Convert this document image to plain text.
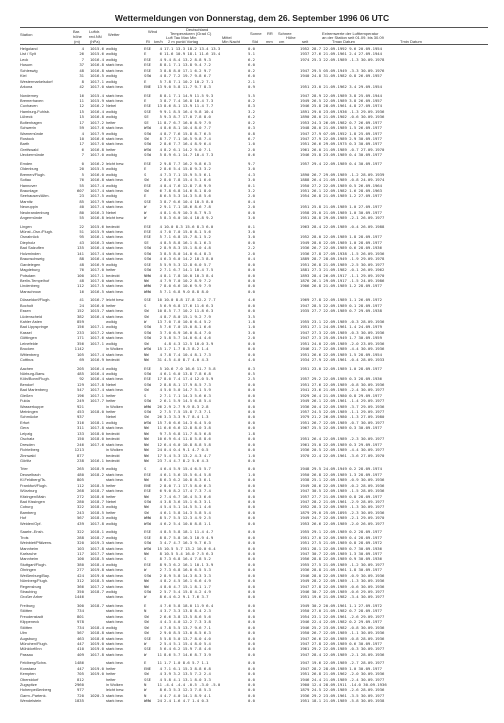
Wettermeldungen von Donnerstag, dem 26. September 1996 06 UTC
Station
Bar. Luftdr.
höhe red.NN
(m)	(hPa)
Wetter
Wind
Ri km/h
Deutschland
Temperaturen (Grad C)
Luft Tau Max Min
2 m punkt Vortag
Mittel
Min Nacht
Sonne RR Schnee
Std mm cm
Höhe
Extremwerte der Lufttemperatur
an der Station seit 01.09. bis 30.09
seit	Tmax Datum	Tmin Datum
Helgoland	4	1015.6 wolkig	ESE	4 17.1 13.3 18.2 13.4 13.3	0.0	1952 28.7 22.09.1992 9.6 20.09.1954
List / Sylt	26	1015.6 wolkig	E	6 11.6 10.9 18.1 11.6 15.4	5.1	1937 27.6 21.09.1961 2.4 27.09.1944
Leck	7	1016.4 wolkig	ESE	4 9.4 8.4 13.2 8.8 9.3	6.2	1974 25.3 22.09.1989 -1.3 30.09.1978
Husum	37	1016.8 stark bew.	ESE	8 8.1 7.1 13.8 9.4 7.2	6.0
Schleswig	48	1016.8 stark bew.	ESE	3 8.8 8.0 17.1 6.2 9.7	0.2	1947 29.5 05.09.1949 -3.3 30.09.1976
Kiel	31	1016.5 wolkig	SSW	4 8.7 7.2 19.7 9.8 6.7	6.0	1940 24.8 31.09.1982 0.8 26.09.1957
Westermarkelsdorf	8	1017.1 wolkig	E	5 7.8 7.1 10.2 10.2 7.1	2.1
Arkona	42	1017.0 stark bew.	ENE	13 9.0 5.8 11.7 9.7 8.3	0.9	1951 23.0 21.09.1962 3.4 29.09.1954
Norderney	16	1015.4 stark bew.	ESE	8 8.1 7.1 14.9 11.5 9.3	5.5	1947 28.9 22.09.1989 3.8 25.09.1944
Bremerhaven	11	1015.9 stark bew.	E	3 8.7 7.4 16.8 10.4 7.3	0.2	1949 26.5 22.09.1989 3.8 26.09.1957
Cuxhaven	12	1016.2 Nebel	ESE	13 8.6 8.1 13.9 11.4 7.7	8.3	1946 25.8 28.09.1961 4.8 27.09.1974
Hamburg-Fuhlsb.	15	1016.4 wolkig	SSE	9 9.1 8.5 16.4 9.8 10.4	3.2	1891 29.0 23.09.1936 -1.3 29.09.1936
Lübeck	15	1016.8 wolkig	SE	5 9.3 8.7 17.0 7.8 8.0	6.2	1890 28.0 21.09.1902 -0.6 30.09.1936
Boltenhagen	17	1017.2 heiter	SE	11 8.7 6.7 16.0 8.9 7.9	0.2	1953 24.3 26.09.1982 0.7 26.09.1977
Schwerin	59	1017.6 stark bew.	WSW	4 8.6 8.1 10.4 8.0 7.7	0.3	1948 28.0 21.09.1989 1.5 26.09.1977
Warnemünde	4	1017.9 wolkig	SSW	4 8.7 7.6 15.8 8.7 6.5	0.8	1947 27.9 07.09.1952 1.8 25.09.1977
Rostock	10	1016.6 stark bew.	SW	8 7.7 7.1 16.5 9.8 7.4	6.7	1947 27.9 22.09.1989 2.9 30.09.1977
Barth	17	1017.0 stark bew.	SSW	2 8.6 7.7 16.4 8.9 6.4	1.0	1951 26.6 29.09.1975 0.3 30.09.1977
Greifswald	6	1016.8 heiter	WSW	4 8.2 6.1 14.2 9.0 7.1	2.0	1961 26.0 21.09.1989 -0.7 27.09.1970
Ueckermünde	7	1017.0 wolkig	SSW	5 8.9 6.1 14.7 10.4 7.3	0.6	1946 25.8 23.09.1989 0.4 30.09.1977
Emden	0	1016.2 leicht bew.	ESE	2 9.8 7.7 16.2 9.8 6.3	9.7	1957 29.4 22.09.1989 0.4 30.09.1977
Oldenburg	20	1015.5 wolkig	E	2 8.6 5.4 15.8 9.3 3.2	3.0
Bremen/Flugh.	5	1016.0 wolkig	S	4 7.3 7.1 15.9 5.5 6.1	4.3	1890 26.7 29.09.1989 -1.2 28.09.1939
Soltau	76	1016.8 stark bew.	SW	2 8.0 7.8 15.4 5.1 6.6	3.0	1888 26.4 21.09.1989 -0.8 24.09.1974
Hannover	55	1017.4 wolkig	ESE	4 8.4 7.6 12.8 7.8 9.9	0.1	1950 27.2 22.09.1989 0.5 26.09.1964
Braunlage	607	1017.4 stark bew.	SW	6 7.8 6.8 14.6 8.1 8.0	3.2	1951 26.1 22.09.1982 1.6 28.09.1963
Seehausen/Altm.	23	1017.5 wolkig	E	8 6.5 5.3 14.3 5.8 5.6	2.0	1954 26.8 21.09.1989 1.2 27.09.1977
Marnitz	85	1017.9 stark bew.	SSE	3 8.7 6.6 10.4 10.5 8.0	0.4
Neuruppin	40	1017.4 stark bew.	W	2 9.1 7.1 18.6 8.6 7.8	2.0	1951 25.8 21.09.1989 1.0 27.09.1977
Neubrandenburg	80	1016.3 Nebel	W	4 8.1 6.9 10.3 8.7 9.3	0.0	1958 25.0 21.09.1989 1.0 30.09.1977
Angermünde	55	1016.8 leicht bew.	W	5 8.3 6.0 10.4 10.8 9.2	3.0	1951 28.8 29.09.1989 -2.1 26.09.1977
Lingen	22	1015.6 bedeckt	ESE	4 10.0 8.3 15.6 8.3 6.0	0.1	1963 28.4 22.09.1989 -0.4 26.09.1988
Münst.-Osn./Flugh.	51	1015.9 stark bew.	ESE	4 7.0 7.0 15.0 8.1 5.6	3.0
Osnabrück	95	1016.1 stark bew.	ESE	5 7.1 6.8 15.7 8.1 5.2	3.0	1952 28.0 22.09.1989 1.8 28.09.1977
Diepholz	43	1016.3 stark bew.	SE	4 8.5 8.8 16.1 8.1 6.3	0.0	1949 28.0 22.09.1989 1.0 28.09.1977
Bad Salzuflen	135	1016.4 stark bew.	SSW	2 8.9 8.3 15.1 8.0 4.8	2.2	1936 26.7 22.09.1989 0.6 28.09.1936
Holzminden	141	1017.4 stark bew.	SSW	3 8.5 8.0 14.0 6.4 8.3	2.0	1936 27.8 27.09.1938 -1.5 26.09.1936
Braunschweig	88	1016.4 stark bew.	SSW	4 6.3 6.0 14.2 10.3 8.0	0.4	1889 28.7 28.09.1949 -1.9 29.09.1978
Gardelegen	48	1016.9 wolkig	SSE	5 5.9 5.3 12.8 6.0 5.7	0.0	1951 26.8 21.09.1989 -2.5 30.09.1977
Magdeburg	76	1017.0 heiter	SSW	2 7.1 6.7 14.1 10.4 7.5	0.0	1881 27.3 21.09.1982 -0.1 26.09.1962
Potsdam	100	1017.1 bedeckt	NNW	4 8.1 7.8 10.0 10.3 8.4	0.0	1893 28.4 26.09.1917 -1.1 29.09.1970
Berlin-Tempelhof	48	1017.0 stark bew.	NW	4 7.9 7.0 10.2 8.9 7.2	0.0	1876 26.1 29.09.1917 -1.5 24.09.1986
Lindenberg	112	1017.5 stark bew.	WNW	7 8.0 6.6 10.6 9.9 7.9	0.0	1906 26.8 21.09.1989 1.2 28.09.1977
Manschnow	16	1016.5 stark bew.	WNW	5 7.1 6.8 9.0 8.8 8.0	0.0
Düsseldorf/Flugh.	41	1016.7 leicht bew.	SSE	10 10.0 8.8 17.8 12.2 7.7	4.6	1969 27.8 22.09.1989 1.1 26.09.1972
Bocholt	24	1016.0 heiter	S	5 6.9 6.8 17.6 11.6 6.3	0.0	1947 28.5 22.09.1989 0.1 28.09.1977
Essen	152	1015.7 stark bew.	SW	10 8.5 7.7 10.2 11.8 6.3	0.0	1935 27.7 22.09.1989 0.7 29.09.1938
Lüdenscheid	382	1016.4 stark bew.	SW	4 8.7 8.0 15.1 9.2 7.9	3.5
Kahler Asten	859	wolkig	W	13 7.0 7.0 10.0 6.4 5.2	1.8	1955 23.1 22.09.1989 -0.3 28.09.1936
Bad Lippspringe	156	1017.1 wolkig	SSW	5 7.6 7.0 15.0 8.1 6.6	1.0	1951 27.1 24.09.1961 1.4 24.09.1979
Kassel	233	1017.2 stark bew.	SSW	3 7.0 6.9 16.0 8.4 7.0	3.0	1947 27.3 22.09.1989 -0.3 30.09.1936
Göttingen	171	1017.6 stark bew.	SSW	2 5.8 5.7 14.0 6.4 4.6	2.0	1947 27.3 25.09.1949 1.7 30.09.1959
Leinefelde	356	1017.1 wolkig	SW	4.8 4.3 12.5 10.0 3.9	0.0	1951 24.0 22.09.1989 -2.0 23.09.1936
Brocken	1142	in Wolken	WSW	15 1.7 1.7 8.3 8.2 1.4	0.0	1946 21.7 22.09.1989 -4.4 30.09.1936
Wittenberg	105	1017.4 stark bew.	NW	4 7.8 7.4 10.4 8.1 7.3	0.0	1951 26.6 22.09.1989 1.5 28.09.1954
Cottbus	69	1016.9 bedeckt	NW	31 4.5 4.0 8.7 4.0 4.3	4.0	1934 27.9 22.09.1961 -0.4 28.09.1933
Aachen	205	1016.4 wolkig	ESE	5 10.6 7.0 16.6 11.7 5.8	0.3	1951 23.0 22.09.1989 1.0 28.09.1977
Nürburg-Barw.	485	1016.4 wolkig	SSW	4 6.1 6.0 13.8 7.8 6.8	0.5
Köln/Bonn/Flugh.	92	1016.4 stark bew.	ESE	17 8.0 7.4 17.4 12.0 5.9	2.5	1957 29.2 22.09.1989 0.3 28.09.1936
Bendorf	129	1017.8 Nebel	SSW	2 8.8 8.1 17.9 8.5 7.3	0.0	1951 27.6 22.09.1989 -0.8 30.09.1936
Bad Marienberg	547	1017.4 stark bew.	SW	4 5.0 5.0 14.7 5.1 5.9	0.0	1941 23.6 21.09.1989 -2.4 30.09.1977
Gießen	196	1017.1 heiter	S	2 7.1 7.1 14.3 5.6 6.3	0.0	1929 26.4 21.09.1980 0.8 29.09.1977
Fulda	249	1017.7 heiter	SSW	2 6.1 5.9 14.5 6.8 5.4	0.0	1949 26.1 22.09.1961 -1.4 29.09.1977
Wasserkuppe	921	in Wolken	WNW	26 2.9 2.7 9.9 8.3 2.8	0.0	1936 20.4 22.09.1989 -3.7 29.09.1936
Meiningen	453	1018.0 heiter	SSW	2 7.5 7.5 15.8 7.3 7.1	0.0	1957 24.5 22.09.1989 -1.1 29.09.1977
Schmücke	937	Nebel	SW	26 3.3 3.3 9.7 8.4 1.3	0.0	1979 21.2 26.09.1980 -1.3 27.09.1980
Erfurt	316	1018.1 wolkig	WSW	15 7.0 6.6 14.3 6.4 5.0	0.0	1951 26.7 22.09.1989 -0.7 30.09.1977
Gera	311	1017.8 stark bew.	NW	11 6.6 6.6 12.8 8.0 3.8	0.0	1967 25.5 22.09.1989 0.3 30.09.1977
Leipzig	133	1018.0 bedeckt	NW	9 7.5 6.8 11.7 8.5 6.8	1.8
Oschatz	150	1018.0 bedeckt	NW	10 6.9 6.4 11.8 5.8 8.6	0.0	1951 26.4 22.09.1989 -2.3 30.09.1977
Dresden	246	1017.6 stark bew.	NW	12 6.4 6.0 10.8 8.8 5.8	0.0	1961 25.0 22.09.1989 0.3 29.09.1977
Fichtelberg	1213	in Wolken	NW	24 0.4 0.4 9.1 4.7 0.5	0.0	1936 20.5 22.09.1989 -4.4 30.09.1977
Zinnwald	877	bedeckt	NW	17 5.4 5.3 13.2 4.3 4.7	1.0	1970 22.4 22.09.1961 -3.6 27.09.1970
Görlitz	238	1016.1 bedeckt	NW	23 7.4 4.7 8.2 5.6 4.3	0.0
Trier	265	1018.9 wolkig	S	4 6.4 5.9 15.4 6.5 5.7	0.0	1948 29.5 24.09.1949 0.2 28.09.1974
Deuselbach	480	1018.2 stark bew.	ESE	4 6.1 5.6 15.5 6.4 5.8	1.0	1950 26.8 22.09.1989 1.3 28.09.1977
Kl.Feldberg/Ts.	805	stark bew.	NW	8 6.3 6.2 10.8 8.3 6.1	0.0	1938 25.1 22.09.1989 -0.9 30.09.1936
Frankfurt/Flugh.	112	1018.5 heiter	ENE	2 8.0 7.1 17.5 8.0 6.3	0.0	1949 28.6 22.09.1989 -0.2 28.09.1936
Würzburg	268	1018.7 stark bew.	ESE	6 9.0 8.2 17.4 7.3 7.4	0.0	1947 30.5 22.09.1989 -1.5 28.09.1936
Kitzingen/Main	272	1018.6 heiter	NW	2 7.4 6.7 16.4 5.3 6.6	0.0	1957 27.7 21.09.1989 0.8 28.09.1977
Bad Kissingen	280	1018.7 Nebel	SSW	4 3.8 3.6 15.1 6.3 3.1	0.0	1947 28.2 21.09.1961 -2.9 28.09.1977
Coburg	322	1018.3 wolkig	NW	4 5.4 5.1 14.5 5.1 4.6	0.0	1952 28.3 22.09.1989 -1.3 30.09.1977
Bamberg	243	1018.5 heiter	SW	4 6.1 5.8 14.3 5.8 5.4	0.0	1879 29.0 25.09.1895 -2.3 30.09.1936
Hof	567	1018.3 wolkig	WNW	8 5.7 5.5 12.3 4.9 2.5	0.0	1949 24.7 22.09.1989 -2.1 29.09.1970
Weiden/Opf.	439	1017.8 wolkig	WSW	4 6.2 5.4 10.0 8.8 1.1	0.0	1953 26.6 22.09.1989 -2.0 26.09.1977
Saarbr.-Ensh.	322	1018.1 wolkig	ESE	4 8.5 5.8 18.1 11.4 4.7	0.0	1955 29.1 22.09.1989 0.2 28.09.1977
Trois	288	1018.7 wolkig	SSE	8 8.7 5.8 16.3 10.9 4.9	0.0	1951 27.0 22.09.1989 0.4 28.09.1977
Weinbiet/Pfälzerw.	320	1019.3 stark bew.	SSW	3 4.7 4.7 16.3 9.7 6.3	0.0	1951 27.5 21.09.1989 0.8 28.09.1972
Mannheim	103	1017.8 stark bew.	WSW	15 10.5 5.7 13.2 10.0 6.4	0.0	1951 28.1 22.09.1989 0.7 30.09.1936
Karlsruhe	117	1017.7 stark bew.	NW	8 10.5 5.4 16.0 7.5 6.3	0.0	1947 30.7 22.09.1989 1.3 30.09.1977
Mannheim	100	1018.5 stark bew.	S	8 7.3 6.8 16.4 7.8 5.2	0.0	1956 28.8 22.09.1989 0.9 30.09.1936
Stuttgart/Flugh.	380	1018.4 wolkig	ESE	8 9.3 6.2 16.1 10.1 3.9	0.0	1955 27.5 21.09.1989 -1.2 30.09.1977
Öhringen	277	1019.8 stark bew.	W	2 7.3 6.8 16.0 6.5 5.3	0.0	1936 28.8 21.09.1961 1.8 30.09.1977
Weißenburg/Bay.	424	1019.0 stark bew.	SSW	2 8.9 5.8 14.3 8.3 3.3	0.0	1946 28.0 22.09.1989 -0.9 30.09.1936
Nürnberg/Flugh.	312	1018.5 stark bew.	NW	4 8.2 4.5 16.1 6.6 4.9	0.0	1949 28.2 22.09.1989 -1.3 30.09.1936
Regensburg	366	1017.2 stark bew.	NW	4 8.0 4.7 15.1 8.1 1.7	0.0	1947 27.8 22.09.1989 -0.6 30.09.1936
Straubing	350	1018.7 wolkig	SSW	2 5.7 5.4 15.8 4.2 4.9	0.0	1946 30.7 22.09.1989 -0.6 29.09.1977
Großer Arber	1446	stark bew.	W	8 6.4 6.2 9.1 7.6 3.7	0.0	1951 19.6 21.09.1982 -3.4 30.09.1977
Freiburg	300	1018.7 stark bew.	E	4 7.6 5.8 18.0 11.9 6.4	0.0	1949 30.2 20.09.1961 1.1 27.09.1972
Stötten	734	stark bew.	N	4 3.7 3.3 13.8 8.4 2.3	0.0	1950 27.0 21.09.1982 0.7 28.09.1977
Freudenstadt	801	stark bew.	SW	2 6.6 3.8 13.5 8.6 5.6	0.0	1954 23.1 22.09.1961 -2.6 29.09.1977
Klippeneck	978	stark bew.	SW	4 4.3 4.0 12.2 7.3 3.8	0.0	1946 22.4 22.09.1982 0.2 29.09.1977
Stötten	734	1018.4 wolkig	SW	4 7.8 5.5 13.7 9.6 7.1	0.0	1946 25.2 23.09.1982 -0.8 30.09.1936
Ulm	567	1018.8 stark bew.	SW	2 9.0 8.5 13.0 8.5 6.3	0.0	1950 26.7 22.09.1989 -1.1 30.09.1936
Augsburg	463	1018.6 stark bew.	SSE	5 5.8 5.0 13.7 8.0 4.0	0.0	1947 26.6 22.09.1989 -0.8 28.09.1936
München/Flugh.	447	1019.0 stark bew.	W	2 5.4 5.1 15.4 8.0 5.4	0.0	1947 27.8 22.09.1989 0.6 30.09.1977
Mühldorf/Inn	410	1019.0 stark bew.	SSE	5 6.4 6.2 15.9 7.8 4.6	0.0	1961 29.2 22.09.1989 -0.3 30.09.1977
Passau	409	1017.8 stark bew.	W	11 8.6 5.7 14.6 8.7 3.9	0.0	1947 28.4 22.09.1989 -2.1 28.09.1936
Feldberg/Schw.	1486	stark bew.	E	11 1.7 1.0 8.6 5.7 1.1	0.0	1947 19.6 22.09.1989 -2.7 28.09.1977
Konstanz	447	1019.0 heiter	ENE	4 7.1 6.1 15.3 8.8 6.8	0.0	1947 28.2 28.09.1989 1.0 30.09.1977
Kempten	705	1019.0 heiter	SW	4 3.9 3.2 13.5 7.2 2.4	0.0	1951 26.8 21.09.1962 -2.0 30.09.1936
Oberstdorf	812	heiter	SSE	4 5.8 4.1 13.1 8.0 3.3	0.0	1946 24.4 21.09.1989 -2.4 30.09.1977
Zugspitze	2960	in Wolken	N	11 -4.4 -4.4 -0.5 -3.0 -5.0	0.0	1900 12.4 28.09.1911 -14.0 30.09.1936
Hohenpeißenberg	977	leicht bew.	W	8 6.3 5.3 12.3 7.8 5.3	0.0	1879 24.5 22.09.1989 -2.6 28.09.1936
Garm.-Partenk.	720	1020.3 stark bew.	N	4 4.7 4.0 14.1 8.9 4.1	0.0	1936 29.2 23.09.1961 -3.5 30.09.1977
Wendelstein	1835	stark bew.	WNW	24 2.4 1.6 4.7 1.4 0.3	0.0	1951 18.1 21.09.1989 -5.8 30.09.1938
